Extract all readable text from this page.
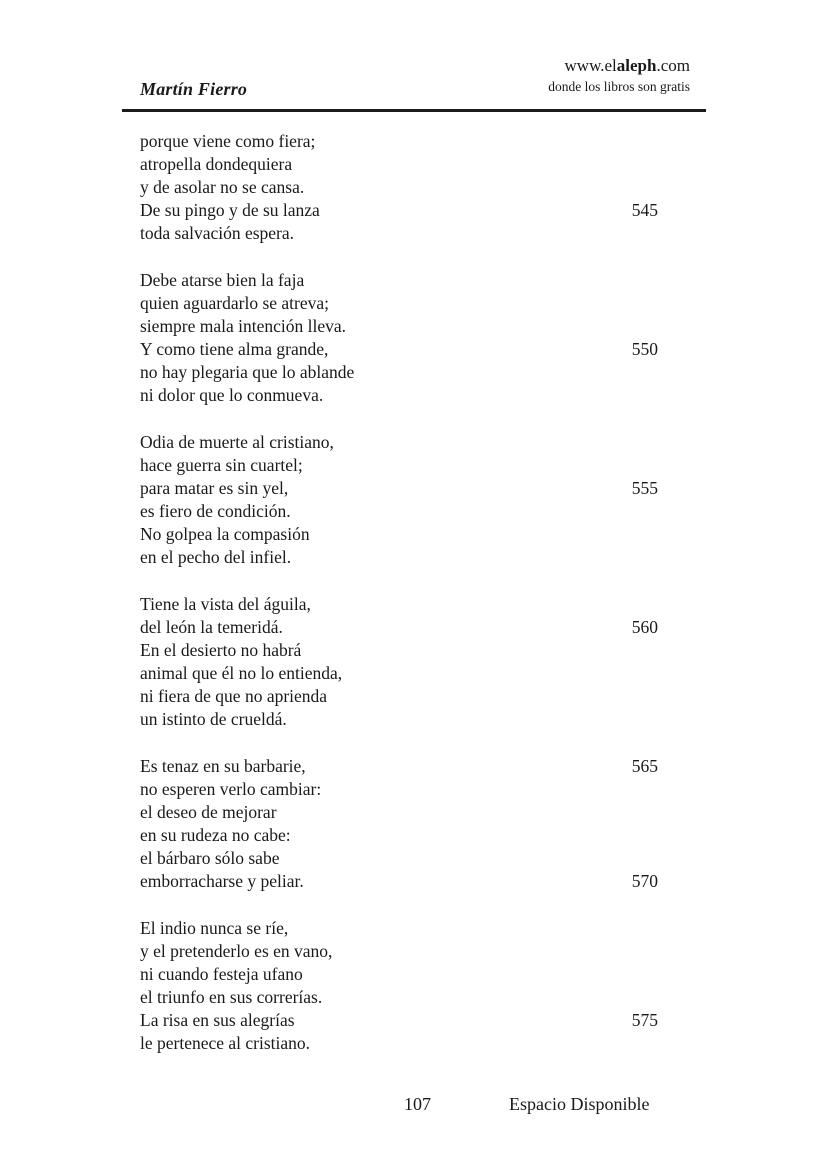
Martín Fierro
www.elaleph.com
donde los libros son gratis
porque viene como fiera;
atropella dondequiera
y de asolar no se cansa.
De su pingo y de su lanza	545
toda salvación espera.
Debe atarse bien la faja
quien aguardarlo se atreva;
siempre mala intención lleva.
Y como tiene alma grande,	550
no hay plegaria que lo ablande
ni dolor que lo conmueva.
Odia de muerte al cristiano,
hace guerra sin cuartel;
para matar es sin yel,	555
es fiero de condición.
No golpea la compasión
en el pecho del infiel.
Tiene la vista del águila,
del león la temeridá.	560
En el desierto no habrá
animal que él no lo entienda,
ni fiera de que no aprienda
un istinto de crueldá.
Es tenaz en su barbarie,	565
no esperen verlo cambiar:
el deseo de mejorar
en su rudeza no cabe:
el bárbaro sólo sabe
emborracharse y peliar.	570
El indio nunca se ríe,
y el pretenderlo es en vano,
ni cuando festeja ufano
el triunfo en sus correrías.
La risa en sus alegrías	575
le pertenece al cristiano.
107	Espacio Disponible
